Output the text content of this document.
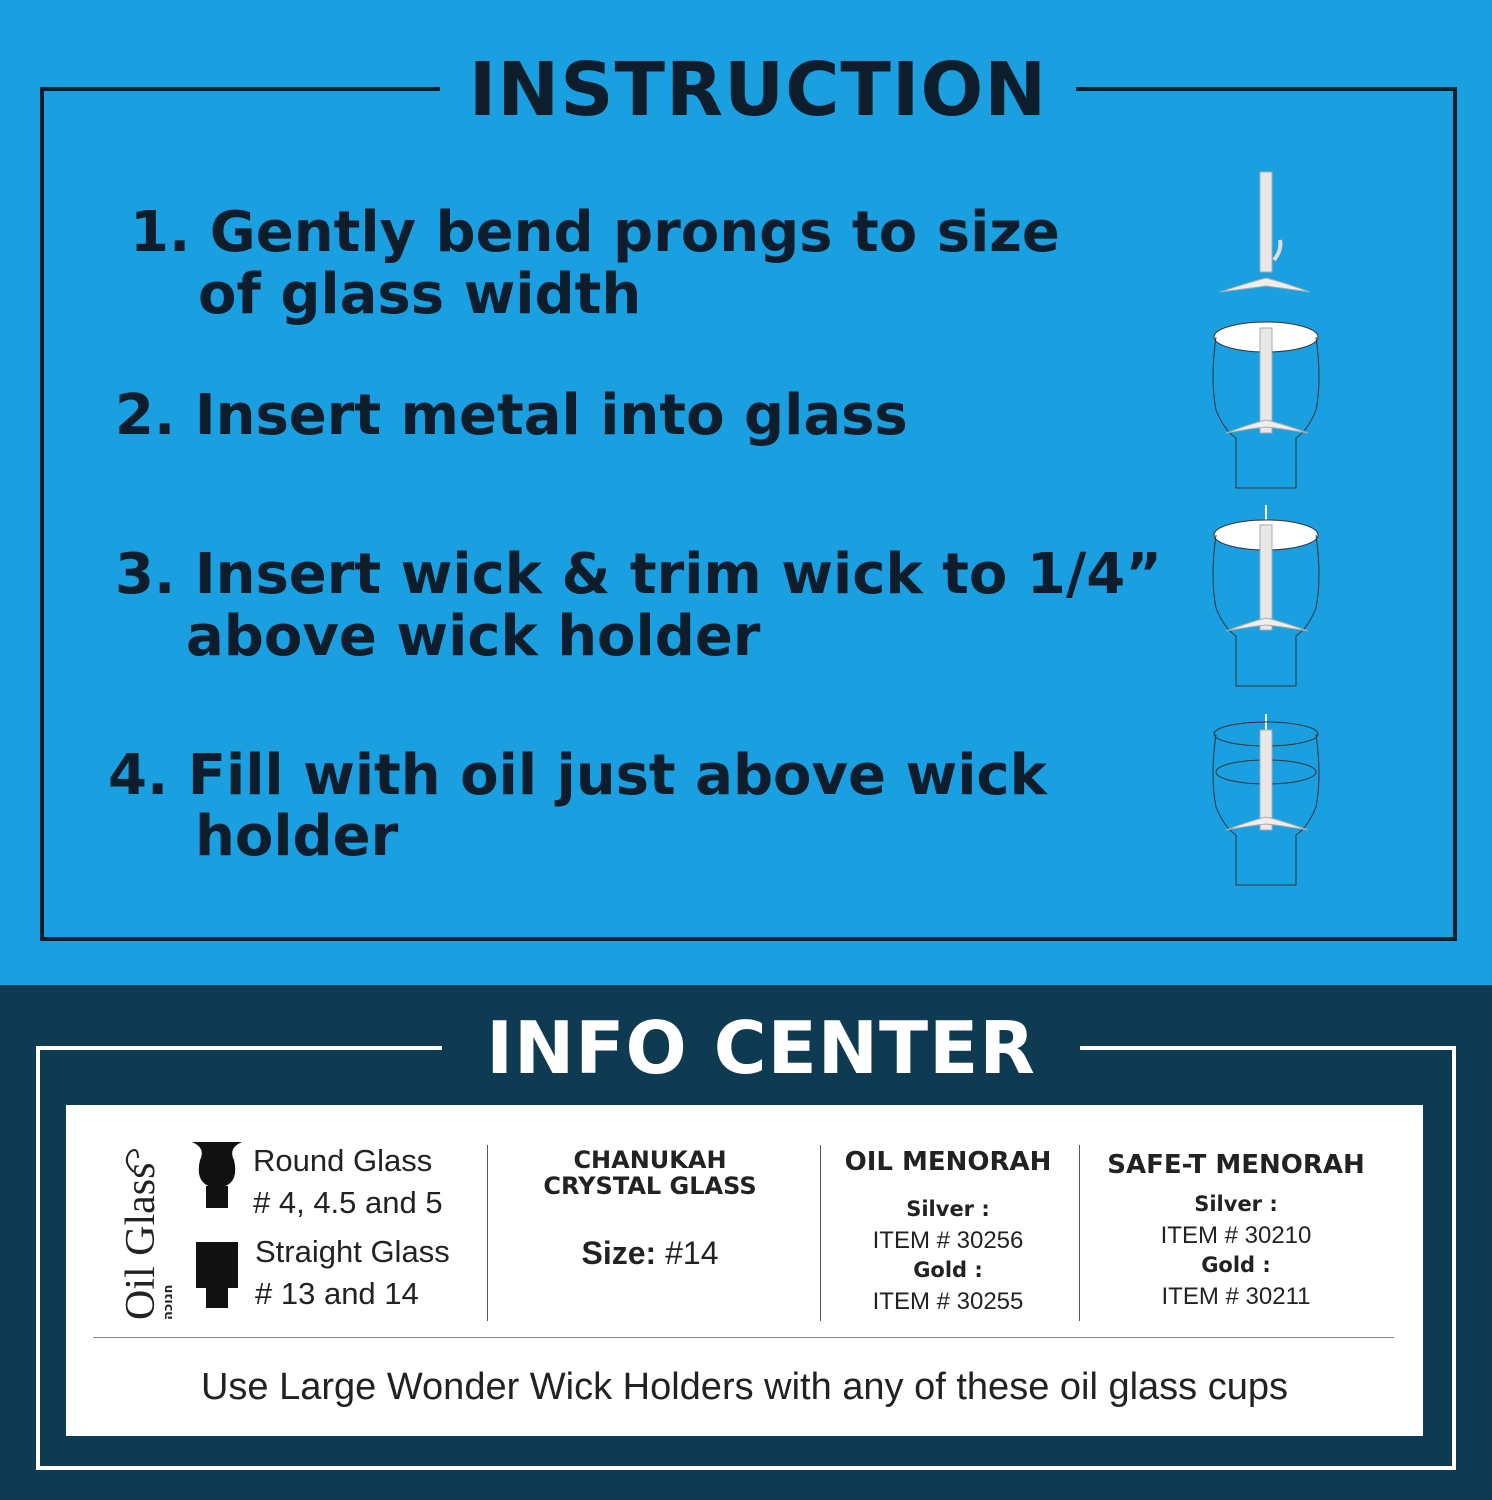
INSTRUCTION
1. Gently bend prongs to size
of glass width
2. Insert metal into glass
3. Insert wick & trim wick to 1/4”
above wick holder
4. Fill with oil just above wick
holder
INFO CENTER
Oil Glass
חנוכה
Round Glass
# 4, 4.5 and 5
Straight Glass
# 13 and 14
CHANUKAH
CRYSTAL GLASS
Size: #14
OIL MENORAH
Silver :
ITEM # 30256
Gold :
ITEM # 30255
SAFE-T MENORAH
Silver :
ITEM # 30210
Gold :
ITEM # 30211
Use Large Wonder Wick Holders with any of these oil glass cups
